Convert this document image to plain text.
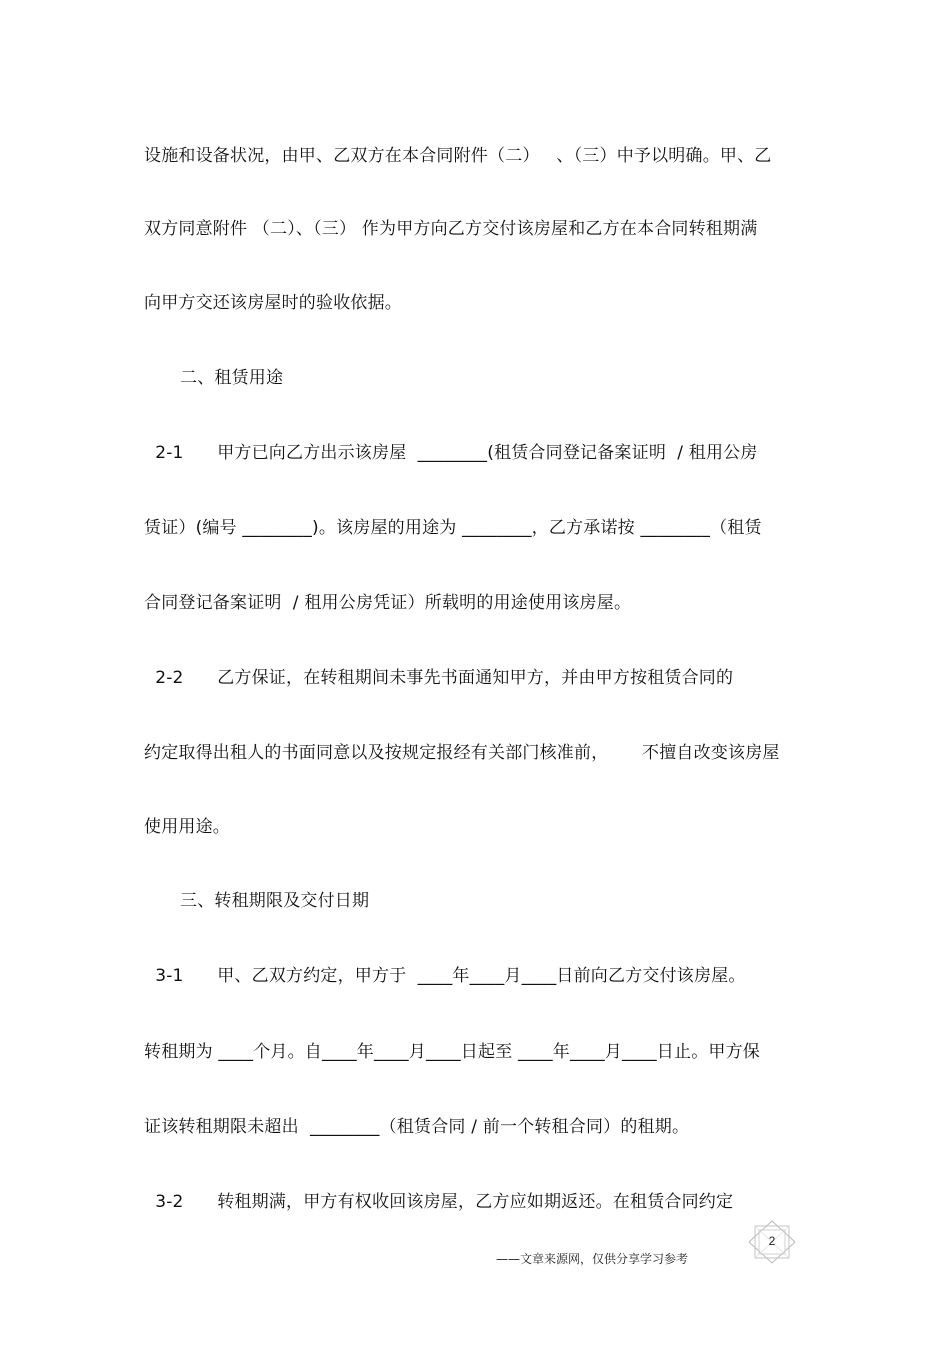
设施和设备状况，由甲、乙双方在本合同附件（二）   、（三）中予以明确。甲、乙
双方同意附件 （二）、（三） 作为甲方向乙方交付该房屋和乙方在本合同转租期满
向甲方交还该房屋时的验收依据。
二、租赁用途
2-1      甲方已向乙方出示该房屋  ________(租赁合同登记备案证明  / 租用公房
赁证）(编号 ________)。该房屋的用途为 ________，乙方承诺按 ________（租赁
合同登记备案证明  / 租用公房凭证）所载明的用途使用该房屋。
2-2      乙方保证，在转租期间未事先书面通知甲方，并由甲方按租赁合同的
约定取得出租人的书面同意以及按规定报经有关部门核准前，      不擅自改变该房屋
使用用途。
三、转租期限及交付日期
3-1      甲、乙双方约定，甲方于  ____年____月____日前向乙方交付该房屋。
转租期为 ____个月。自____年____月____日起至 ____年____月____日止。甲方保
证该转租期限未超出  ________（租赁合同 / 前一个转租合同）的租期。
3-2      转租期满，甲方有权收回该房屋，乙方应如期返还。在租赁合同约定
2
——文章来源网，仅供分享学习参考
